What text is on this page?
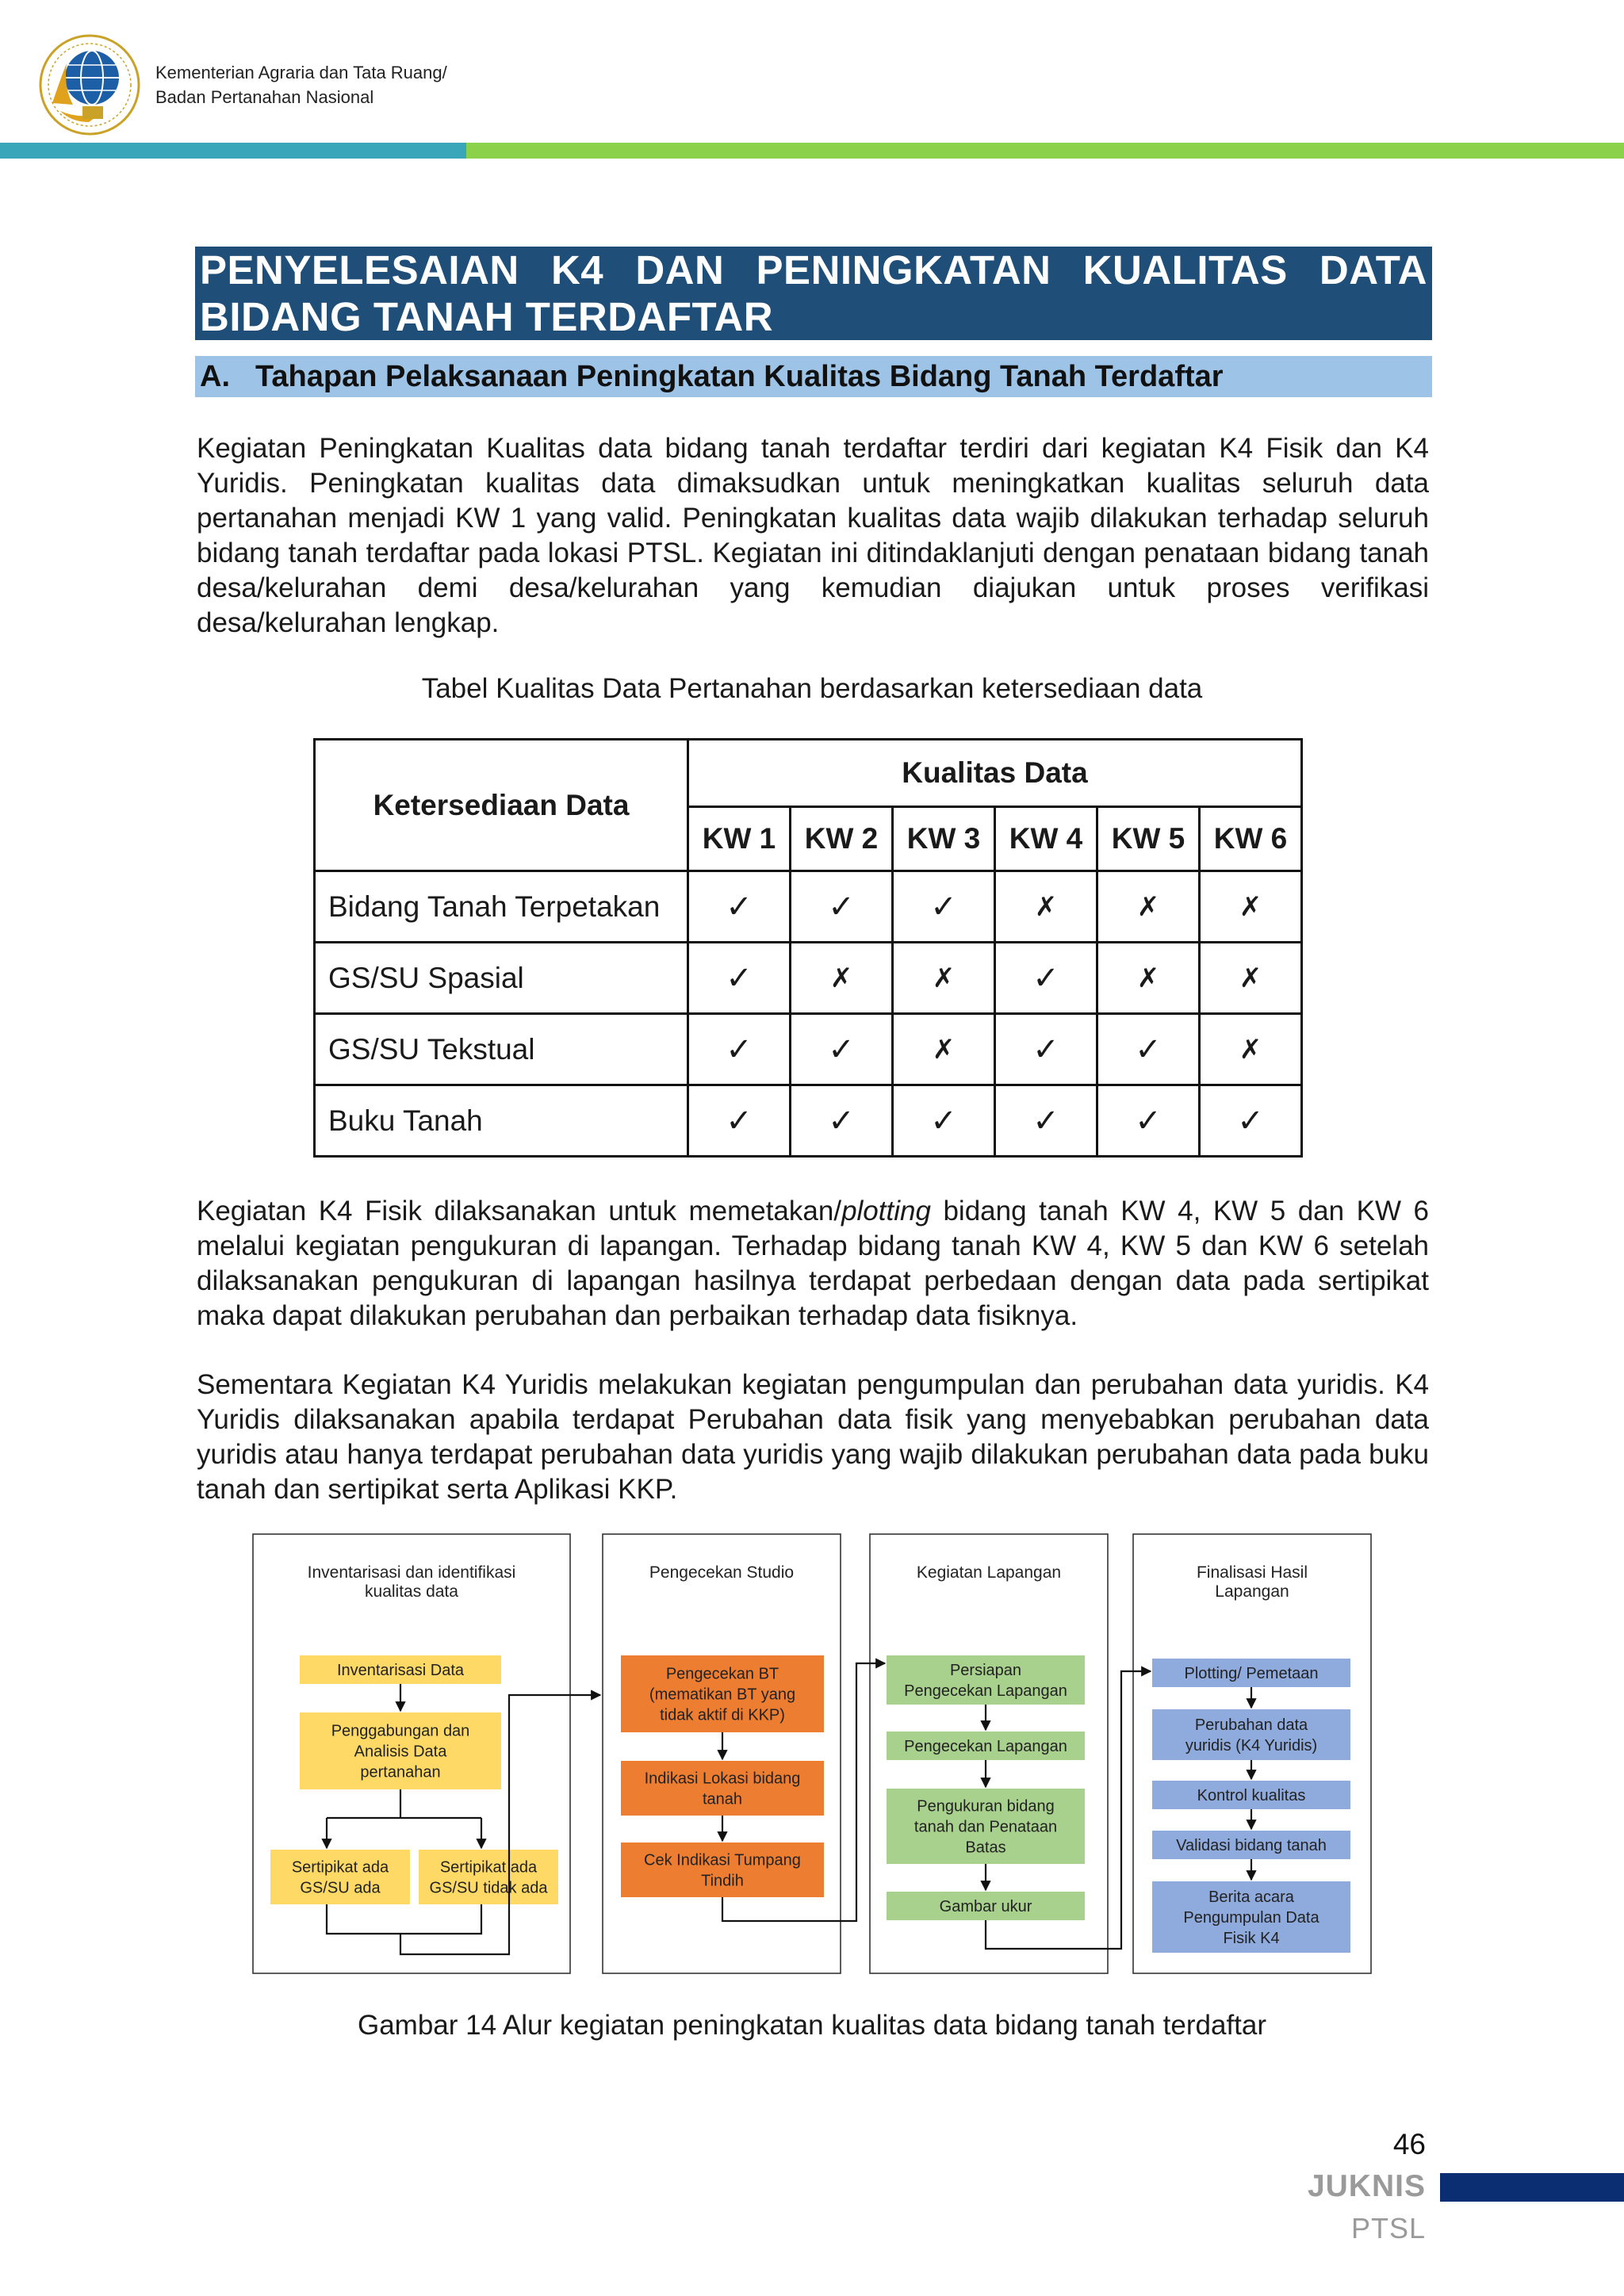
Kementerian Agraria dan Tata Ruang/
Badan Pertanahan Nasional
PENYELESAIAN K4 DAN PENINGKATAN KUALITAS DATA BIDANG TANAH TERDAFTAR
A. Tahapan Pelaksanaan Peningkatan Kualitas Bidang Tanah Terdaftar
Kegiatan Peningkatan Kualitas data bidang tanah terdaftar terdiri dari kegiatan K4 Fisik dan K4 Yuridis. Peningkatan kualitas data dimaksudkan untuk meningkatkan kualitas seluruh data pertanahan menjadi KW 1 yang valid. Peningkatan kualitas data wajib dilakukan terhadap seluruh bidang tanah terdaftar pada lokasi PTSL. Kegiatan ini ditindaklanjuti dengan penataan bidang tanah desa/kelurahan demi desa/kelurahan yang kemudian diajukan untuk proses verifikasi desa/kelurahan lengkap.
Tabel Kualitas Data Pertanahan berdasarkan ketersediaan data
Ketersediaan Data	Kualitas Data					
	KW 1	KW 2	KW 3	KW 4	KW 5	KW 6
Bidang Tanah Terpetakan	✓	✓	✓	✗	✗	✗
GS/SU Spasial	✓	✗	✗	✓	✗	✗
GS/SU Tekstual	✓	✓	✗	✓	✓	✗
Buku Tanah	✓	✓	✓	✓	✓	✓
Kegiatan K4 Fisik dilaksanakan untuk memetakan/plotting bidang tanah KW 4, KW 5 dan KW 6 melalui kegiatan pengukuran di lapangan. Terhadap bidang tanah KW 4, KW 5 dan KW 6 setelah dilaksanakan pengukuran di lapangan hasilnya terdapat perbedaan dengan data pada sertipikat maka dapat dilakukan perubahan dan perbaikan terhadap data fisiknya.
Sementara Kegiatan K4 Yuridis melakukan kegiatan pengumpulan dan perubahan data yuridis. K4 Yuridis dilaksanakan apabila terdapat Perubahan data fisik yang menyebabkan perubahan data yuridis atau hanya terdapat perubahan data yuridis yang wajib dilakukan perubahan data pada buku tanah dan sertipikat serta Aplikasi KKP.
Inventarisasi dan identifikasi kualitas data
Pengecekan Studio	Kegiatan Lapangan	Finalisasi Hasil Lapangan
Inventarisasi Data
Penggabungan dan Analisis Data pertanahan
Sertipikat ada GS/SU ada
Sertipikat ada GS/SU tidak ada
Pengecekan BT (mematikan BT yang tidak aktif di KKP)
Indikasi Lokasi bidang tanah
Cek Indikasi Tumpang Tindih
Persiapan Pengecekan Lapangan
Pengecekan Lapangan
Pengukuran bidang tanah dan Penataan Batas
Gambar ukur
Plotting/ Pemetaan
Perubahan data yuridis (K4 Yuridis)
Kontrol kualitas
Validasi bidang tanah
Berita acara Pengumpulan Data Fisik K4
Gambar 14 Alur kegiatan peningkatan kualitas data bidang tanah terdaftar
46
JUKNIS
PTSL
